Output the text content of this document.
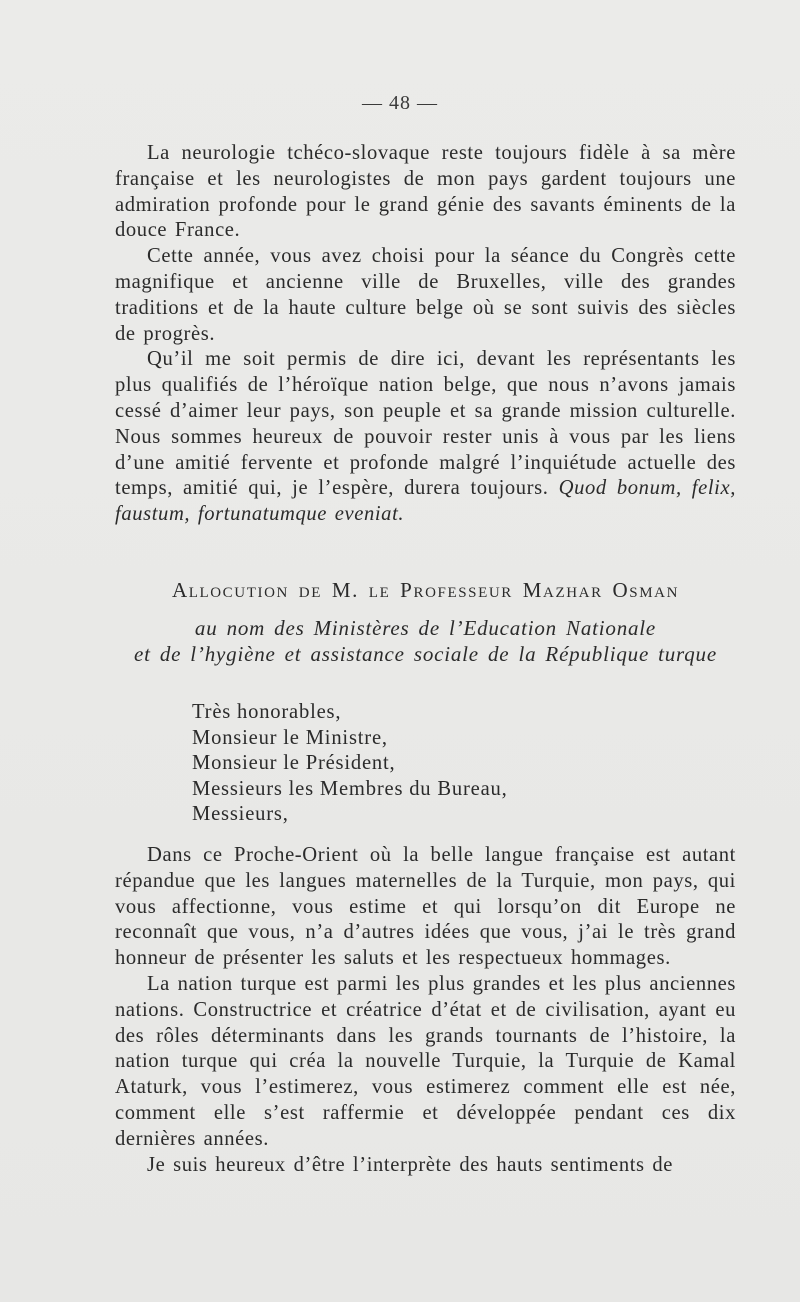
— 48 —

La neurologie tchéco-slovaque reste toujours fidèle à sa mère française et les neurologistes de mon pays gardent toujours une admiration profonde pour le grand génie des savants éminents de la douce France.

Cette année, vous avez choisi pour la séance du Congrès cette magnifique et ancienne ville de Bruxelles, ville des grandes traditions et de la haute culture belge où se sont suivis des siècles de progrès.

Qu’il me soit permis de dire ici, devant les représentants les plus qualifiés de l’héroïque nation belge, que nous n’avons jamais cessé d’aimer leur pays, son peuple et sa grande mission culturelle. Nous sommes heureux de pouvoir rester unis à vous par les liens d’une amitié fervente et profonde malgré l’inquiétude actuelle des temps, amitié qui, je l’espère, durera toujours. Quod bonum, felix, faustum, fortunatumque eveniat.

Allocution de M. le Professeur Mazhar Osman
au nom des Ministères de l’Education Nationale
et de l’hygiène et assistance sociale de la République turque
Très honorables,
Monsieur le Ministre,
Monsieur le Président,
Messieurs les Membres du Bureau,
Messieurs,

Dans ce Proche-Orient où la belle langue française est autant répandue que les langues maternelles de la Turquie, mon pays, qui vous affectionne, vous estime et qui lorsqu’on dit Europe ne reconnaît que vous, n’a d’autres idées que vous, j’ai le très grand honneur de présenter les saluts et les respectueux hommages.

La nation turque est parmi les plus grandes et les plus anciennes nations. Constructrice et créatrice d’état et de civilisation, ayant eu des rôles déterminants dans les grands tournants de l’histoire, la nation turque qui créa la nouvelle Turquie, la Turquie de Kamal Ataturk, vous l’estimerez, vous estimerez comment elle est née, comment elle s’est raffermie et développée pendant ces dix dernières années.

Je suis heureux d’être l’interprète des hauts sentiments de
